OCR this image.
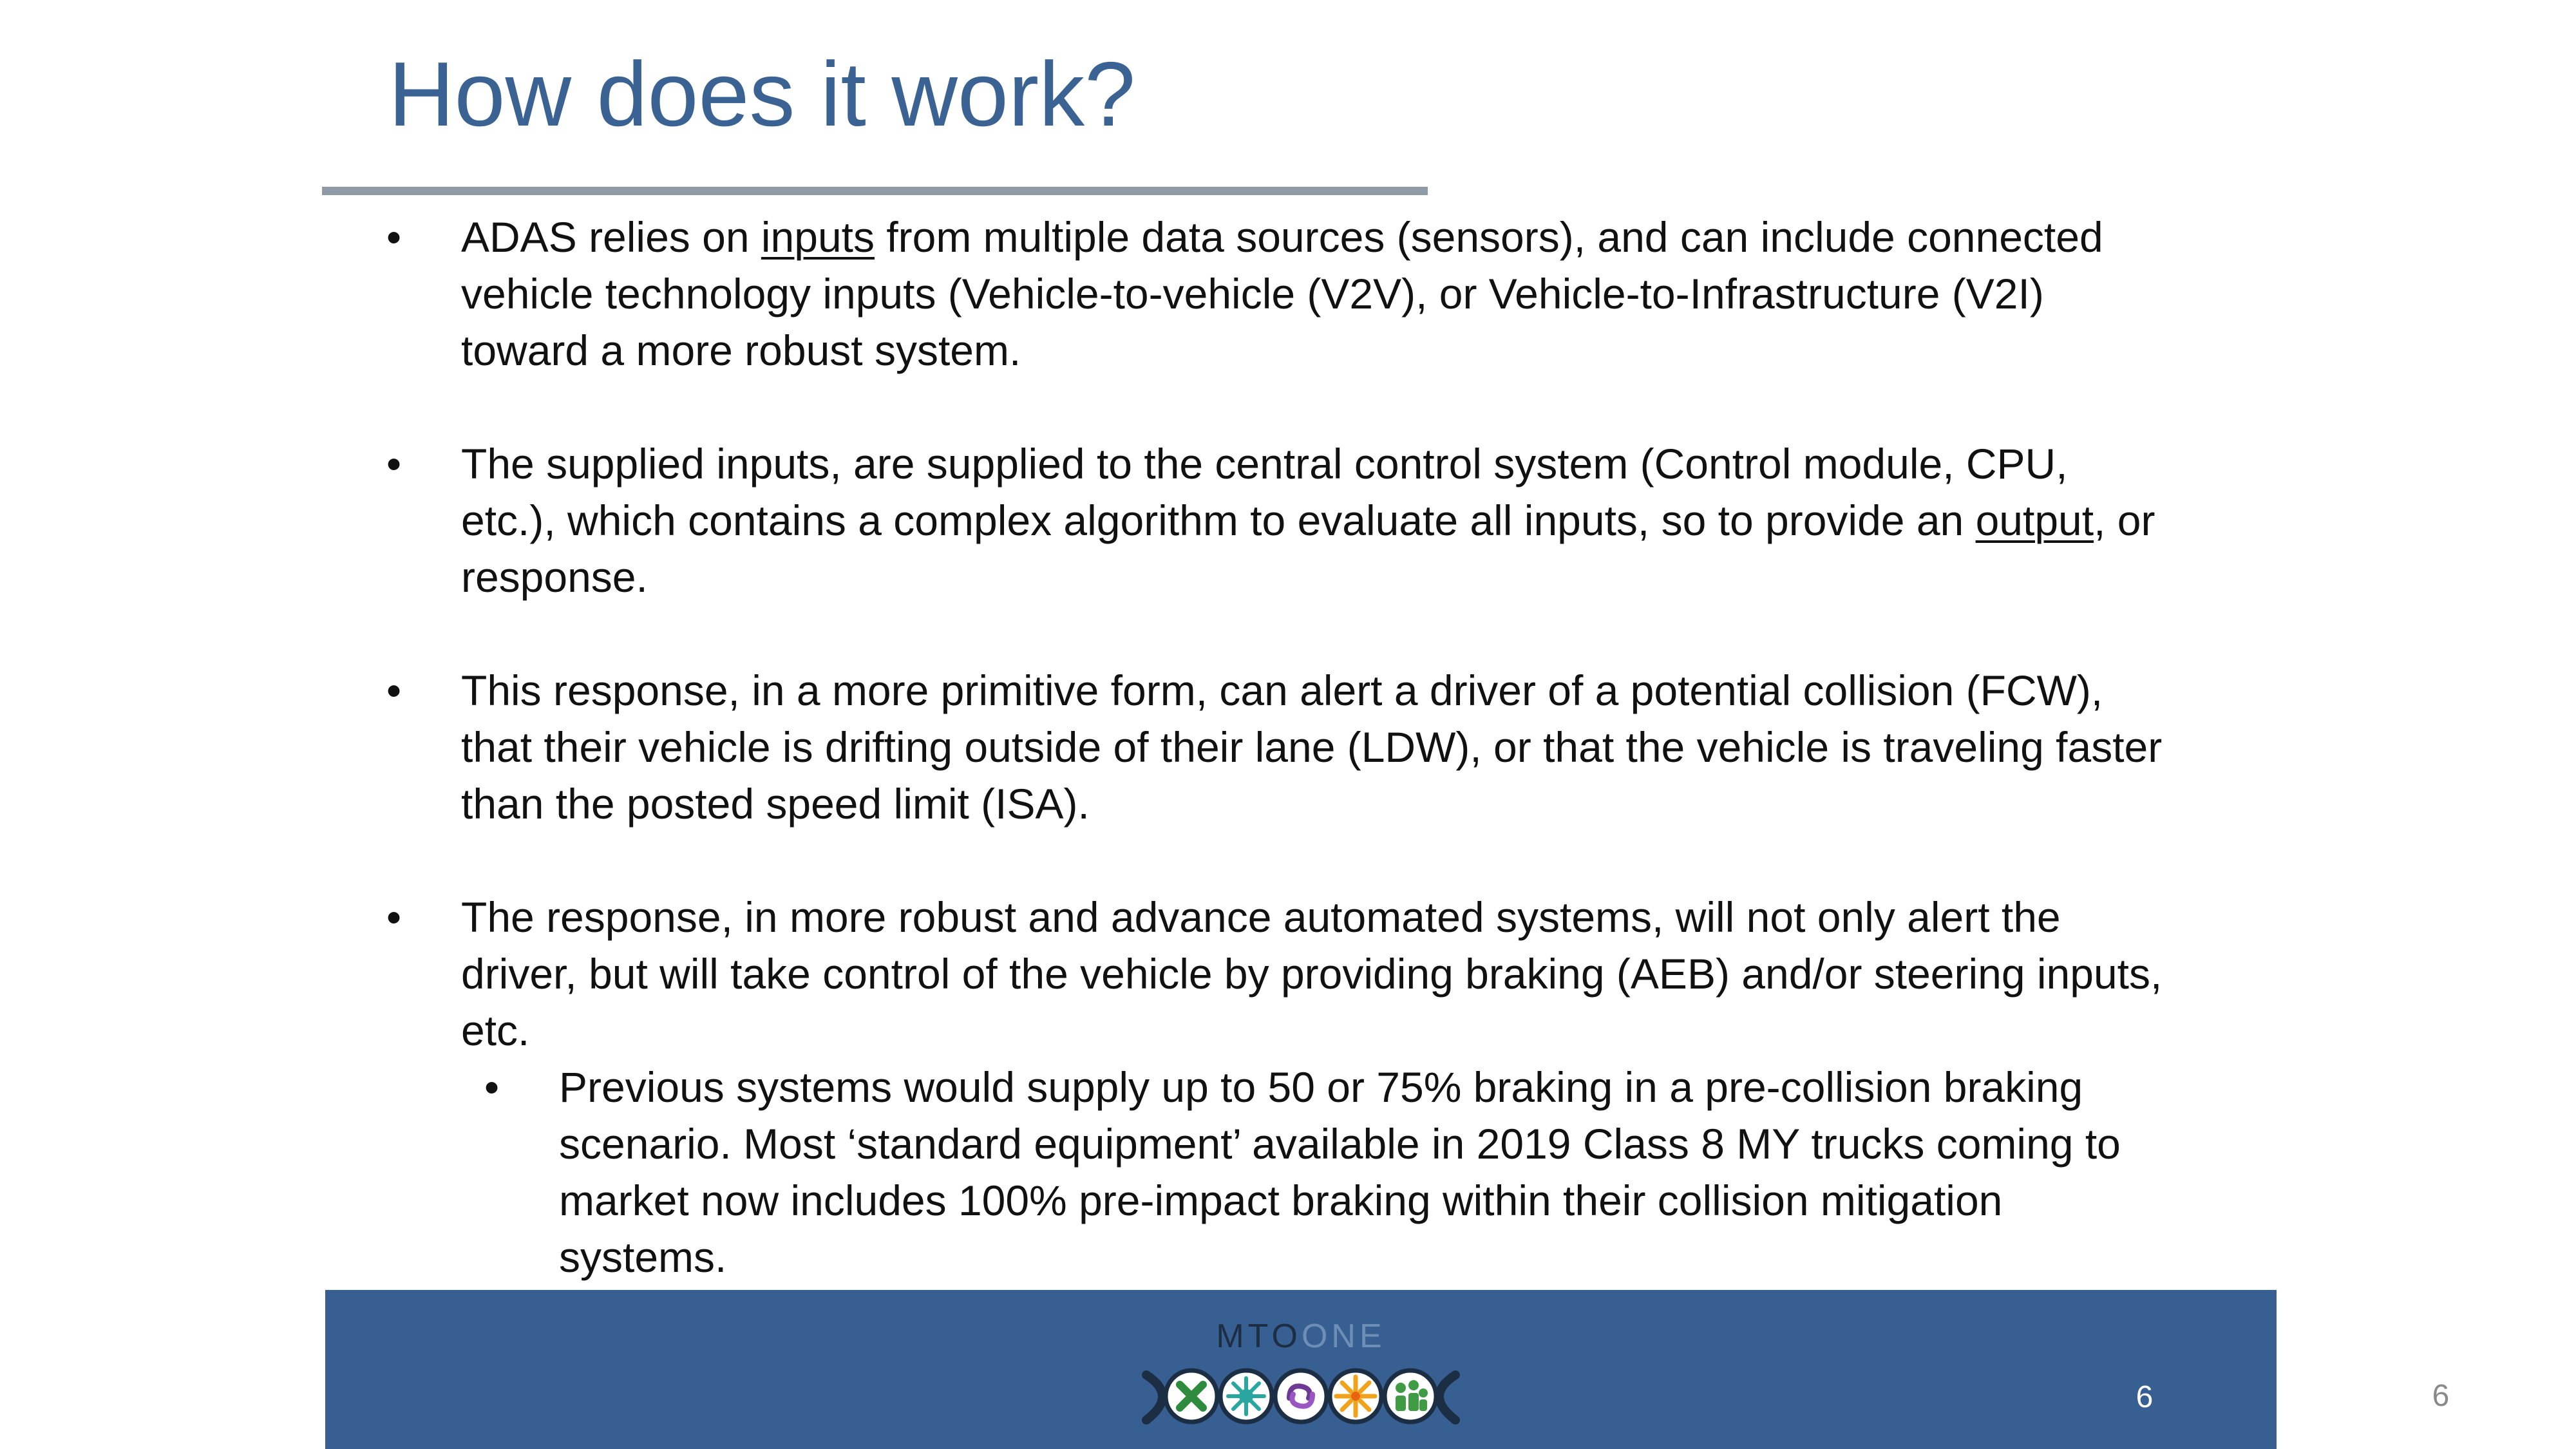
How does it work?
•	ADAS relies on inputs from multiple data sources (sensors), and can include connected vehicle technology inputs (Vehicle-to-vehicle (V2V), or Vehicle-to-Infrastructure (V2I) toward a more robust system.
•	The supplied inputs, are supplied to the central control system (Control module, CPU, etc.), which contains a complex algorithm to evaluate all inputs, so to provide an output, or response.
•	This response, in a more primitive form, can alert a driver of a potential collision (FCW), that their vehicle is drifting outside of their lane (LDW), or that the vehicle is traveling faster than the posted speed limit (ISA).
•	The response, in more robust and advance automated systems, will not only alert the driver, but will take control of the vehicle by providing braking (AEB) and/or steering inputs, etc.
•	Previous systems would supply up to 50 or 75% braking in a pre-collision braking scenario. Most ‘standard equipment’ available in 2019 Class 8 MY trucks coming to market now includes 100% pre-impact braking within their collision mitigation systems.
MTOONE
6	6
